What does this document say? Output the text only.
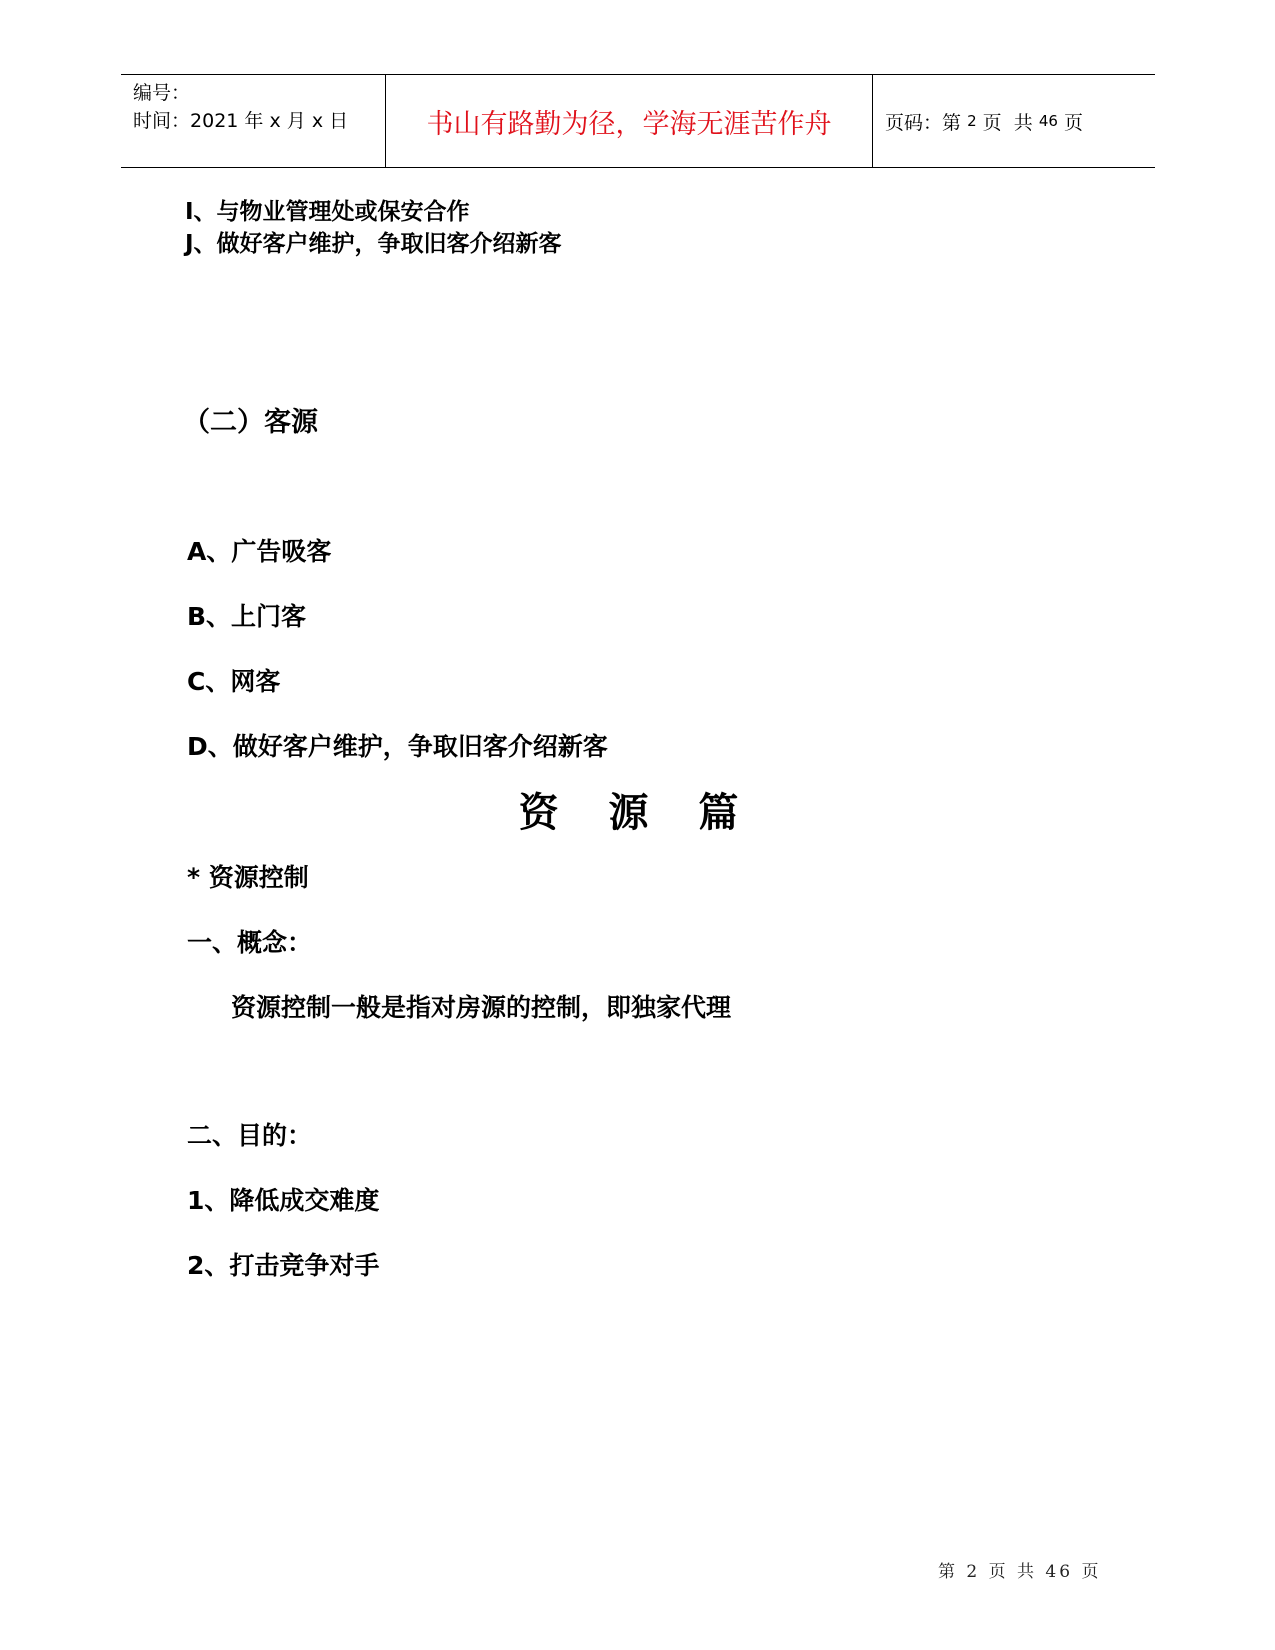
编号：
时间：2021 年 x 月 x 日	书山有路勤为径，学海无涯苦作舟	页码：第
2
页
共
46
页
I、与物业管理处或保安合作
J、做好客户维护，争取旧客介绍新客
（二）客源
A、广告吸客
B、上门客
C、网客
D、做好客户维护，争取旧客介绍新客
资 源 篇
* 资源控制
一、概念：
资源控制一般是指对房源的控制，即独家代理
二、目的：
1、降低成交难度
2、打击竞争对手
第 2 页 共 46 页
